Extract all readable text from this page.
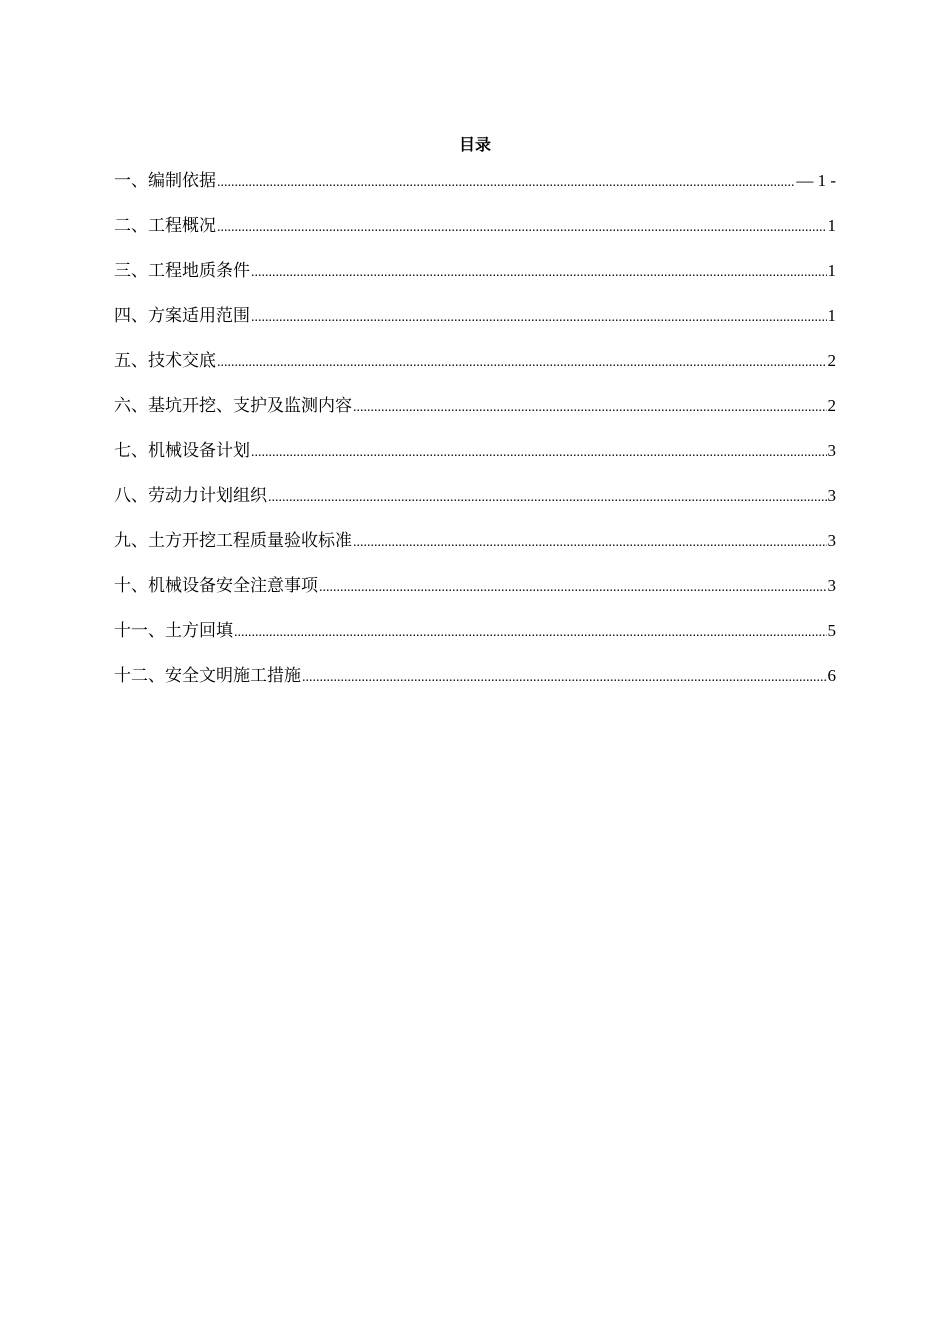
目录
一、编制依据 .....	— 1 -
二、工程概况 .....	1
三、工程地质条件 .....	1
四、方案适用范围 .....	1
五、技术交底 .....	2
六、基坑开挖、支护及监测内容 .....	2
七、机械设备计划 .....	3
八、劳动力计划组织 .....	3
九、土方开挖工程质量验收标准 .....	3
十、机械设备安全注意事项 .....	3
十一、土方回填 .....	5
十二、安全文明施工措施 .....	6
